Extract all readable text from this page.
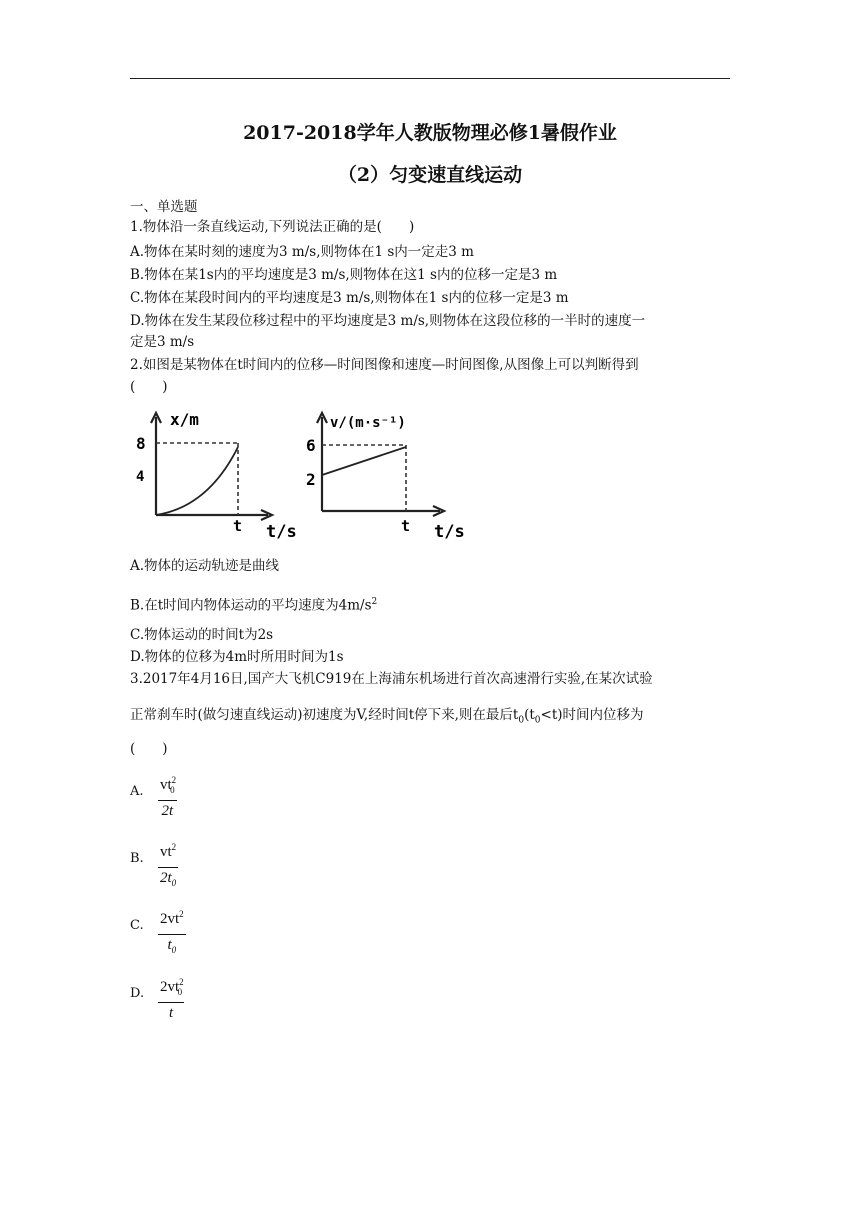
2017-2018学年人教版物理必修1暑假作业
（2）匀变速直线运动
一、单选题
1.物体沿一条直线运动,下列说法正确的是(　　)
A.物体在某时刻的速度为3 m/s,则物体在1 s内一定走3 m
B.物体在某1s内的平均速度是3 m/s,则物体在这1 s内的位移一定是3 m
C.物体在某段时间内的平均速度是3 m/s,则物体在1 s内的位移一定是3 m
D.物体在发生某段位移过程中的平均速度是3 m/s,则物体在这段位移的一半时的速度一
定是3 m/s
2.如图是某物体在t时间内的位移—时间图像和速度—时间图像,从图像上可以判断得到
(　　)
x/m
8
4
t t/s
v/(m·s⁻¹)
6
2
t t/s
A.物体的运动轨迹是曲线
B.在t时间内物体运动的平均速度为$4m/s^2$
C.物体运动的时间t为2s
D.物体的位移为4m时所用时间为1s
3.2017年4月16日,国产大飞机C919在上海浦东机场进行首次高速滑行实验,在某次试验
正常刹车时(做匀速直线运动)初速度为V,经时间t停下来,则在最后$t_0(t_0<t)$时间内位移为
(　　)
A. $\frac{vt^2_0}{2t}$
B. $\frac{vt^2}{2t_0}$
C. $\frac{2vt^2}{t_0}$
D. $\frac{2vt^2_0}{t}$
